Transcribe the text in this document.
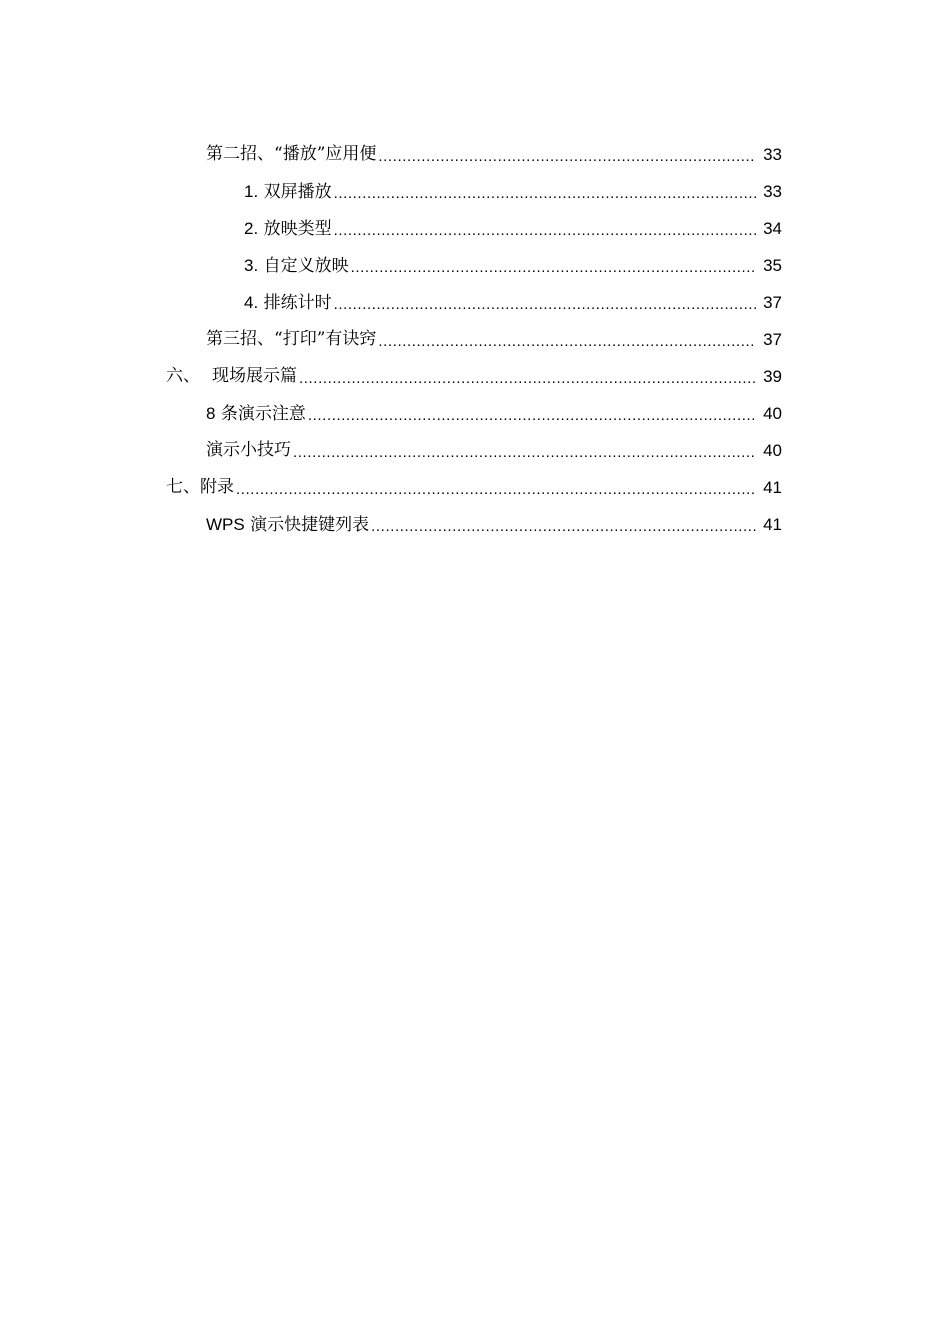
第二招、“播放”应用便 .....	33
1. 双屏播放 .....	33
2. 放映类型 .....	34
3. 自定义放映 .....	35
4. 排练计时 .....	37
第三招、“打印”有诀窍 .....	37
六、 现场展示篇 .....	39
8 条演示注意 .....	40
演示小技巧 .....	40
七、附录 .....	41
WPS 演示快捷键列表 .....	41
